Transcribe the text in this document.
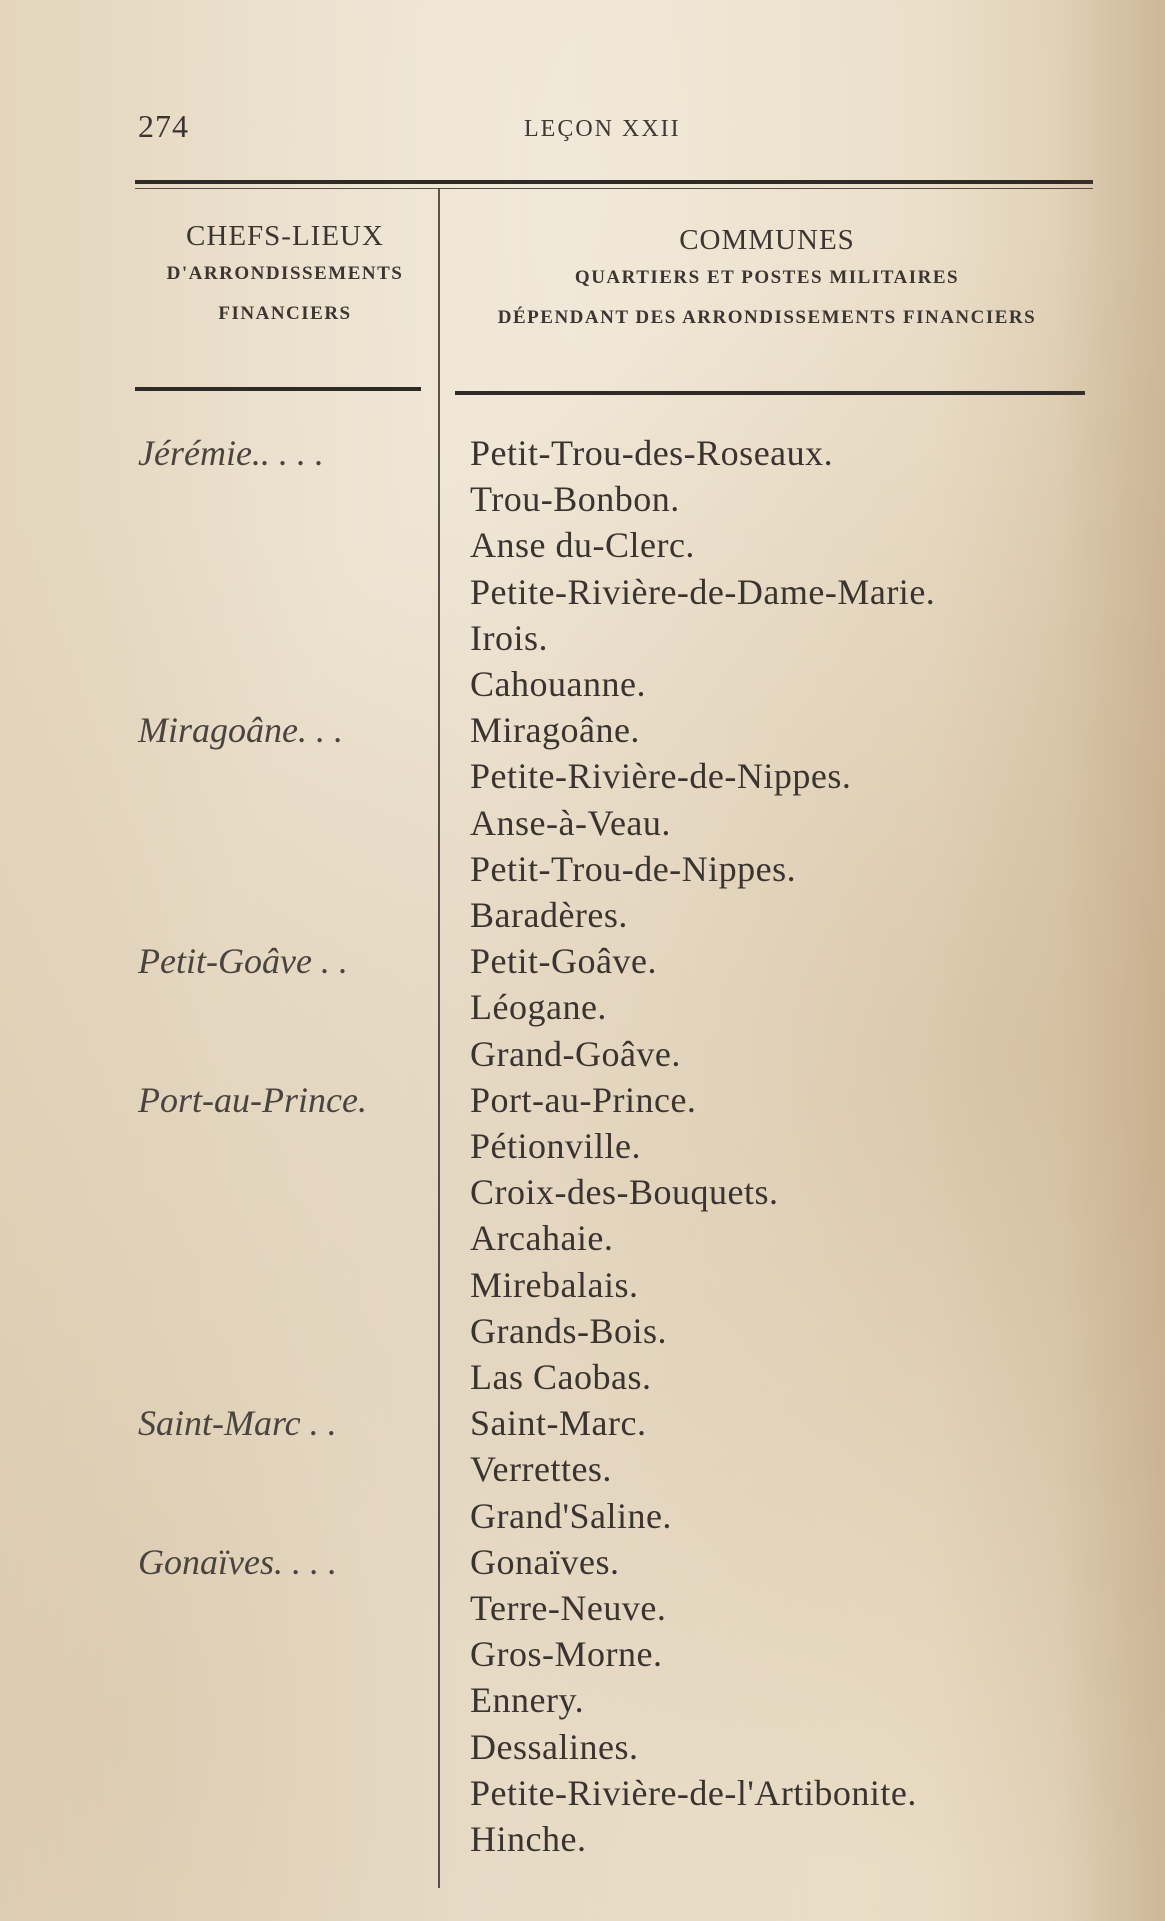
274	LEÇON XXII
CHEFS-LIEUX
D'ARRONDISSEMENTS
FINANCIERS
COMMUNES
QUARTIERS ET POSTES MILITAIRES
DÉPENDANT DES ARRONDISSEMENTS FINANCIERS
Jérémie.. . . .	Petit-Trou-des-Roseaux.
Trou-Bonbon.
Anse du-Clerc.
Petite-Rivière-de-Dame-Marie.
Irois.
Cahouanne.
Miragoâne. . .	Miragoâne.
Petite-Rivière-de-Nippes.
Anse-à-Veau.
Petit-Trou-de-Nippes.
Baradères.
Petit-Goâve . .	Petit-Goâve.
Léogane.
Grand-Goâve.
Port-au-Prince.	Port-au-Prince.
Pétionville.
Croix-des-Bouquets.
Arcahaie.
Mirebalais.
Grands-Bois.
Las Caobas.
Saint-Marc . .	Saint-Marc.
Verrettes.
Grand'Saline.
Gonaïves. . . .	Gonaïves.
Terre-Neuve.
Gros-Morne.
Ennery.
Dessalines.
Petite-Rivière-de-l'Artibonite.
Hinche.
